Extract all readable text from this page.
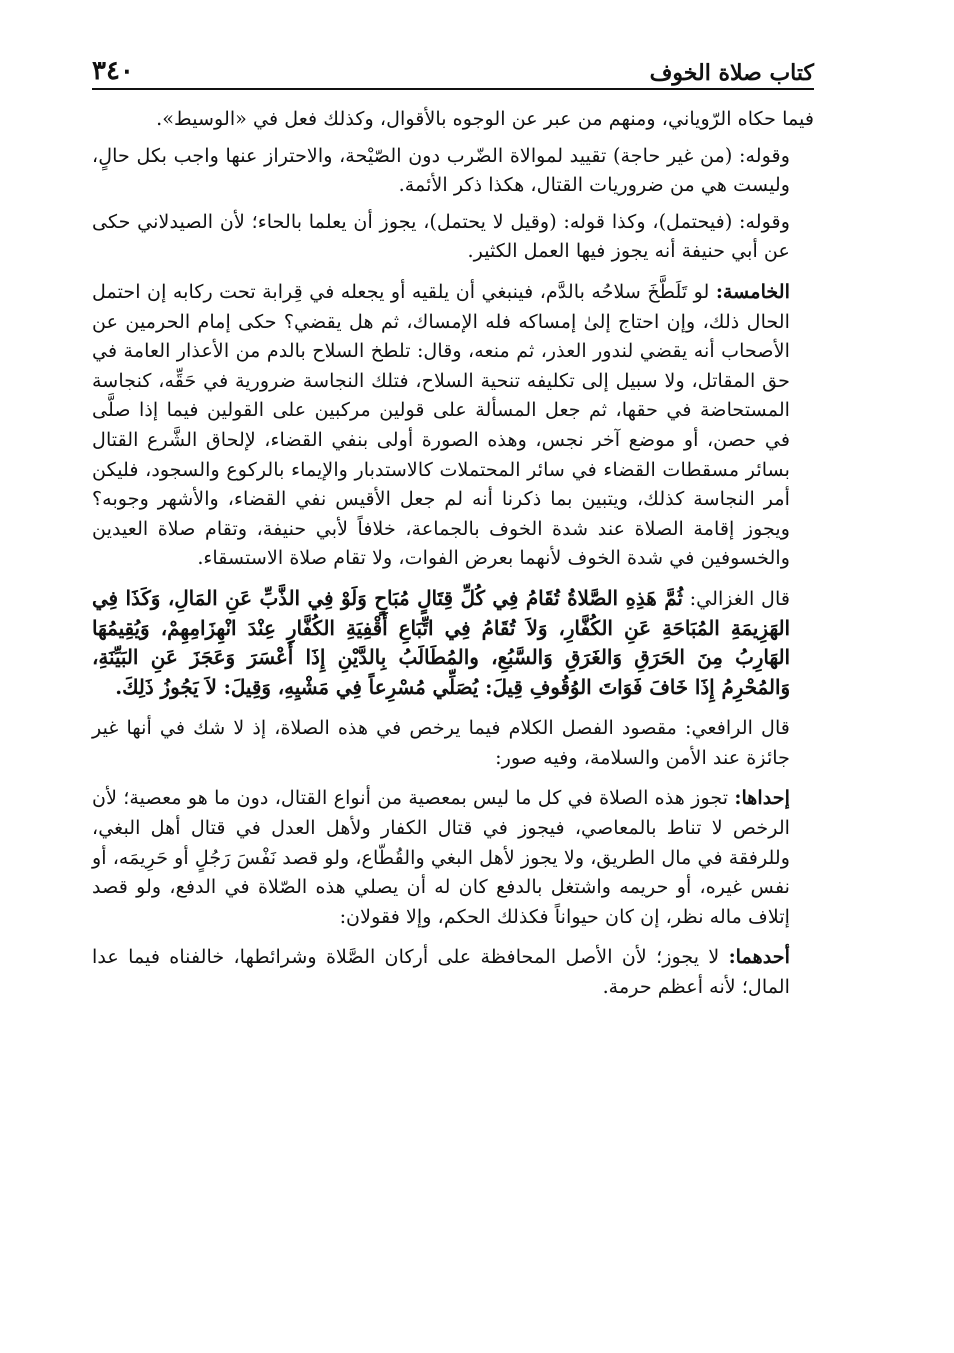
كتاب صلاة الخوف
٣٤٠

فيما حكاه الرّوياني، ومنهم من عبر عن الوجوه بالأقوال، وكذلك فعل في «الوسيط».

وقوله: (من غير حاجة) تقييد لموالاة الضّرب دون الصّيْحة، والاحتراز عنها واجب بكل حالٍ، وليست هي من ضروريات القتال، هكذا ذكر الأئمة.

وقوله: (فيحتمل)، وكذا قوله: (وقيل لا يحتمل)، يجوز أن يعلما بالحاء؛ لأن الصيدلاني حكى عن أبي حنيفة أنه يجوز فيها العمل الكثير.

الخامسة: لو تَلَطَّخَ سلاحُه بالدَّم، فينبغي أن يلقيه أو يجعله في قِرابة تحت ركابه إن احتمل الحال ذلك، وإن احتاج إلىٰ إمساكه فله الإمساك، ثم هل يقضي؟ حكى إمام الحرمين عن الأصحاب أنه يقضي لندور العذر، ثم منعه، وقال: تلطخ السلاح بالدم من الأعذار العامة في حق المقاتل، ولا سبيل إلى تكليفه تنحية السلاح، فتلك النجاسة ضرورية في حَقِّه، كنجاسة المستحاضة في حقها، ثم جعل المسألة على قولين مركبين على القولين فيما إذا صلَّى في حصن، أو موضع آخر نجس، وهذه الصورة أولى بنفي القضاء، لإلحاق الشَّرع القتال بسائر مسقطات القضاء في سائر المحتملات كالاستدبار والإيماء بالركوع والسجود، فليكن أمر النجاسة كذلك، ويتبين بما ذكرنا أنه لم جعل الأقيس نفي القضاء، والأشهر وجوبه؟ ويجوز إقامة الصلاة عند شدة الخوف بالجماعة، خلافاً لأبي حنيفة، وتقام صلاة العيدين والخسوفين في شدة الخوف لأنهما بعرض الفوات، ولا تقام صلاة الاستسقاء.

قال الغزالي: ثُمَّ هَذِهِ الصَّلاةُ تُقَامُ فِي كُلِّ قِتَالٍ مُبَاحٍ وَلَوْ فِي الذَّبِّ عَنِ المَالِ، وَكَذَا فِي الهَزِيمَةِ المُبَاحَةِ عَنِ الكُفَّارِ، وَلاَ تُقَامُ فِي اتِّبَاعِ أَقْفِيَةِ الكُفَّارِ عِنْدَ انْهِزَامِهِمْ، وَيُقِيمُهَا الهَارِبُ مِنَ الحَرَقِ وَالغَرَقِ وَالسَّبُعِ، والمُطَالَبُ بِالدَّيْنِ إِذَا أَعْسَرَ وَعَجَزَ عَنِ البَيِّنَةِ، وَالمُحْرِمُ إِذَا خَافَ فَوَاتَ الوُقُوفِ قِيلَ: يُصَلِّي مُسْرِعاً فِي مَشْيِهِ، وَقِيلَ: لاَ يَجُوزُ ذَلِكَ.

قال الرافعي: مقصود الفصل الكلام فيما يرخص في هذه الصلاة، إذ لا شك في أنها غير جائزة عند الأمن والسلامة، وفيه صور:

إحداها: تجوز هذه الصلاة في كل ما ليس بمعصية من أنواع القتال، دون ما هو معصية؛ لأن الرخص لا تناط بالمعاصي، فيجوز في قتال الكفار ولأهل العدل في قتال أهل البغي، وللرفقة في مال الطريق، ولا يجوز لأهل البغي والقُطّاع، ولو قصد نَفْسَ رَجُلٍ أو حَرِيمَه، أو نفس غيره، أو حريمه واشتغل بالدفع كان له أن يصلي هذه الصّلاة في الدفع، ولو قصد إتلاف ماله نظر، إن كان حيواناً فكذلك الحكم، وإلا فقولان:

أحدهما: لا يجوز؛ لأن الأصل المحافظة على أركان الصَّلاة وشرائطها، خالفناه فيما عدا المال؛ لأنه أعظم حرمة.
